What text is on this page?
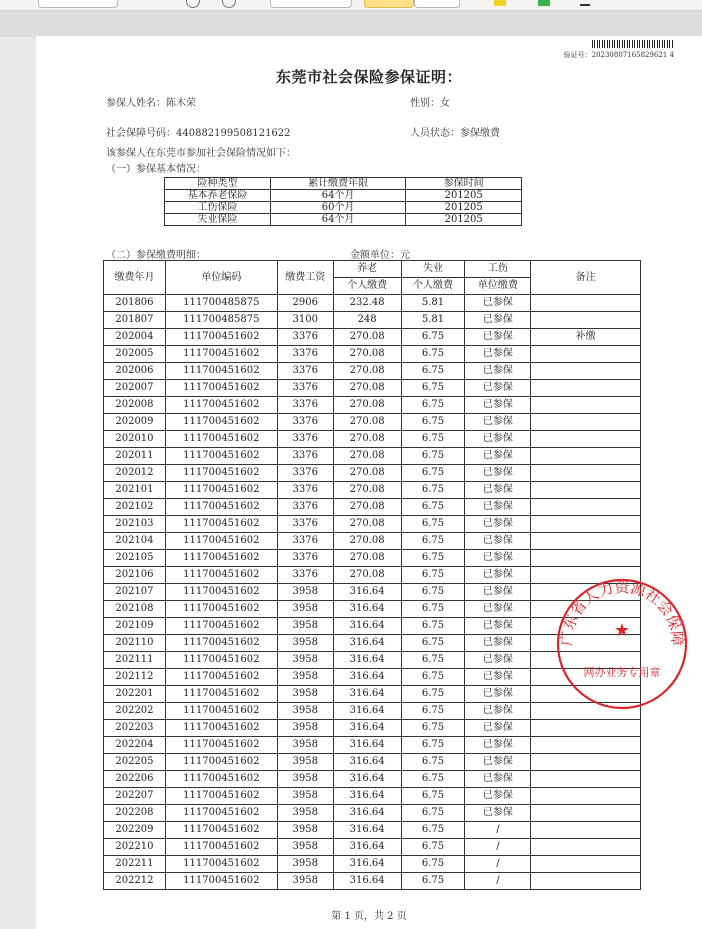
验证号：20230807165829621 4
东莞市社会保险参保证明：
参保人姓名：陈木荣	性别：女
社会保障号码：440882199508121622	人员状态：参保缴费
该参保人在东莞市参加社会保险情况如下：
（一）参保基本情况：
险种类型	累计缴费年限	参保时间
基本养老保险	64个月	201205
工伤保险	60个月	201205
失业保险	64个月	201205
（二）参保缴费明细：	金额单位：元
缴费年月	单位编码	缴费工资	养老	失业	工伤	备注
			个人缴费	个人缴费	单位缴费	
201806	111700485875	2906	232.48	5.81	已参保	
201807	111700485875	3100	248	5.81	已参保	
202004	111700451602	3376	270.08	6.75	已参保	补缴
202005	111700451602	3376	270.08	6.75	已参保	
202006	111700451602	3376	270.08	6.75	已参保	
202007	111700451602	3376	270.08	6.75	已参保	
202008	111700451602	3376	270.08	6.75	已参保	
202009	111700451602	3376	270.08	6.75	已参保	
202010	111700451602	3376	270.08	6.75	已参保	
202011	111700451602	3376	270.08	6.75	已参保	
202012	111700451602	3376	270.08	6.75	已参保	
202101	111700451602	3376	270.08	6.75	已参保	
202102	111700451602	3376	270.08	6.75	已参保	
202103	111700451602	3376	270.08	6.75	已参保	
202104	111700451602	3376	270.08	6.75	已参保	
202105	111700451602	3376	270.08	6.75	已参保	
202106	111700451602	3376	270.08	6.75	已参保	
202107	111700451602	3958	316.64	6.75	已参保	
202108	111700451602	3958	316.64	6.75	已参保	
202109	111700451602	3958	316.64	6.75	已参保	
202110	111700451602	3958	316.64	6.75	已参保	
202111	111700451602	3958	316.64	6.75	已参保	
202112	111700451602	3958	316.64	6.75	已参保	
202201	111700451602	3958	316.64	6.75	已参保	
202202	111700451602	3958	316.64	6.75	已参保	
202203	111700451602	3958	316.64	6.75	已参保	
202204	111700451602	3958	316.64	6.75	已参保	
202205	111700451602	3958	316.64	6.75	已参保	
202206	111700451602	3958	316.64	6.75	已参保	
202207	111700451602	3958	316.64	6.75	已参保	
202208	111700451602	3958	316.64	6.75	已参保	
202209	111700451602	3958	316.64	6.75	/	
202210	111700451602	3958	316.64	6.75	/	
202211	111700451602	3958	316.64	6.75	/	
202212	111700451602	3958	316.64	6.75	/	
广东省人力资源社会保障
★
网办业务专用章
第 1 页，共 2 页
